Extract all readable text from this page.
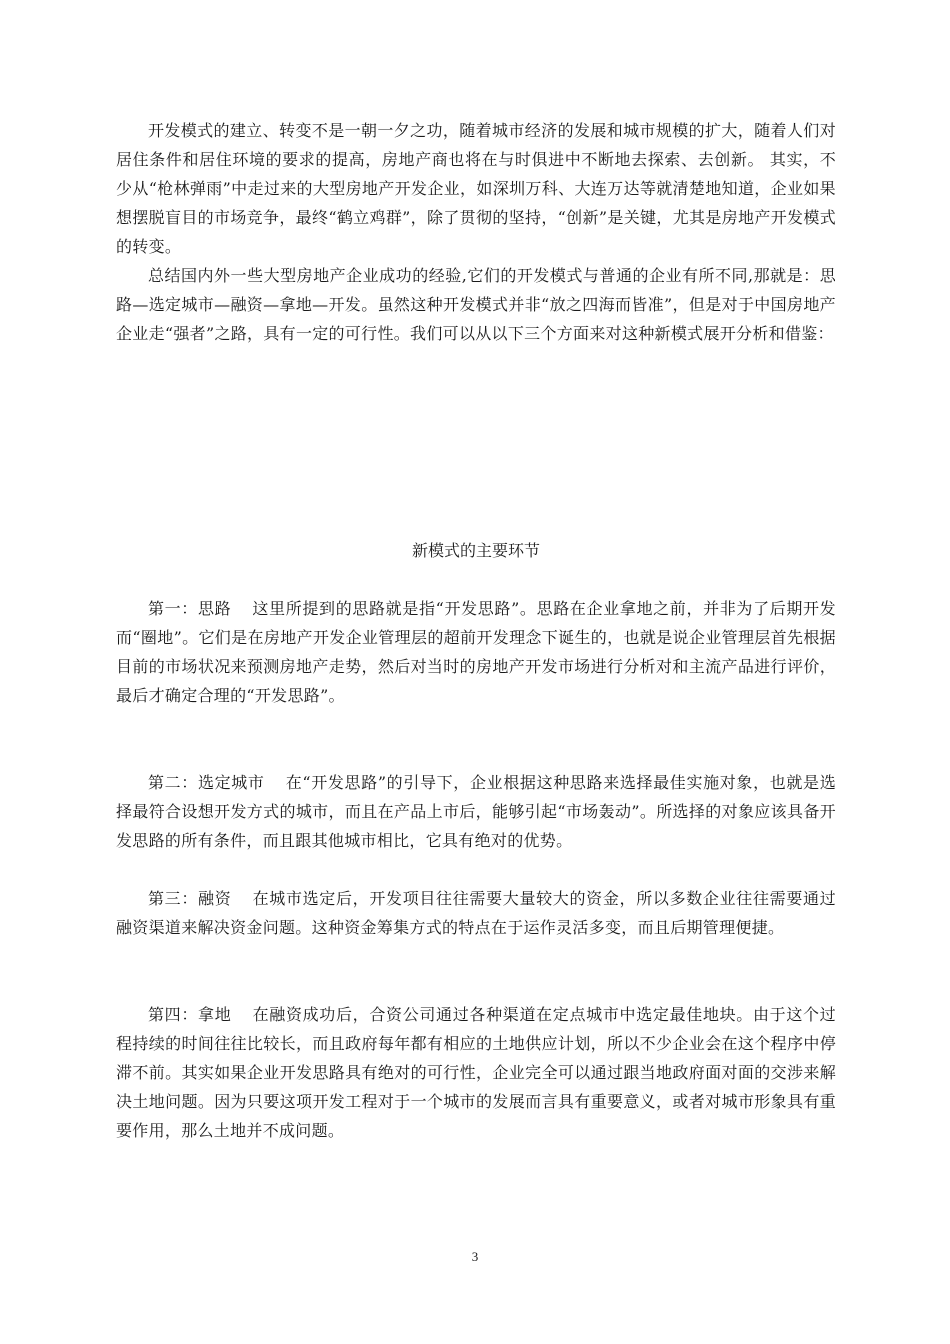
开发模式的建立、转变不是一朝一夕之功，随着城市经济的发展和城市规模的扩大，随着人们对居住条件和居住环境的要求的提高，房地产商也将在与时俱进中不断地去探索、去创新。 其实，不少从“枪林弹雨”中走过来的大型房地产开发企业，如深圳万科、大连万达等就清楚地知道，企业如果想摆脱盲目的市场竞争，最终“鹤立鸡群”，除了贯彻的坚持，“创新”是关键，尤其是房地产开发模式的转变。

总结国内外一些大型房地产企业成功的经验,它们的开发模式与普通的企业有所不同,那就是：思路—选定城市—融资—拿地—开发。虽然这种开发模式并非“放之四海而皆准”，但是对于中国房地产企业走“强者”之路，具有一定的可行性。我们可以从以下三个方面来对这种新模式展开分析和借鉴：

新模式的主要环节

第一：思路 这里所提到的思路就是指“开发思路”。思路在企业拿地之前，并非为了后期开发而“圈地”。它们是在房地产开发企业管理层的超前开发理念下诞生的，也就是说企业管理层首先根据目前的市场状况来预测房地产走势，然后对当时的房地产开发市场进行分析对和主流产品进行评价，最后才确定合理的“开发思路”。

第二：选定城市 在“开发思路”的引导下，企业根据这种思路来选择最佳实施对象，也就是选择最符合设想开发方式的城市，而且在产品上市后，能够引起“市场轰动”。所选择的对象应该具备开发思路的所有条件，而且跟其他城市相比，它具有绝对的优势。

第三：融资 在城市选定后，开发项目往往需要大量较大的资金，所以多数企业往往需要通过融资渠道来解决资金问题。这种资金筹集方式的特点在于运作灵活多变，而且后期管理便捷。

第四：拿地 在融资成功后，合资公司通过各种渠道在定点城市中选定最佳地块。由于这个过程持续的时间往往比较长，而且政府每年都有相应的土地供应计划，所以不少企业会在这个程序中停滞不前。其实如果企业开发思路具有绝对的可行性，企业完全可以通过跟当地政府面对面的交涉来解决土地问题。因为只要这项开发工程对于一个城市的发展而言具有重要意义，或者对城市形象具有重要作用，那么土地并不成问题。

3
